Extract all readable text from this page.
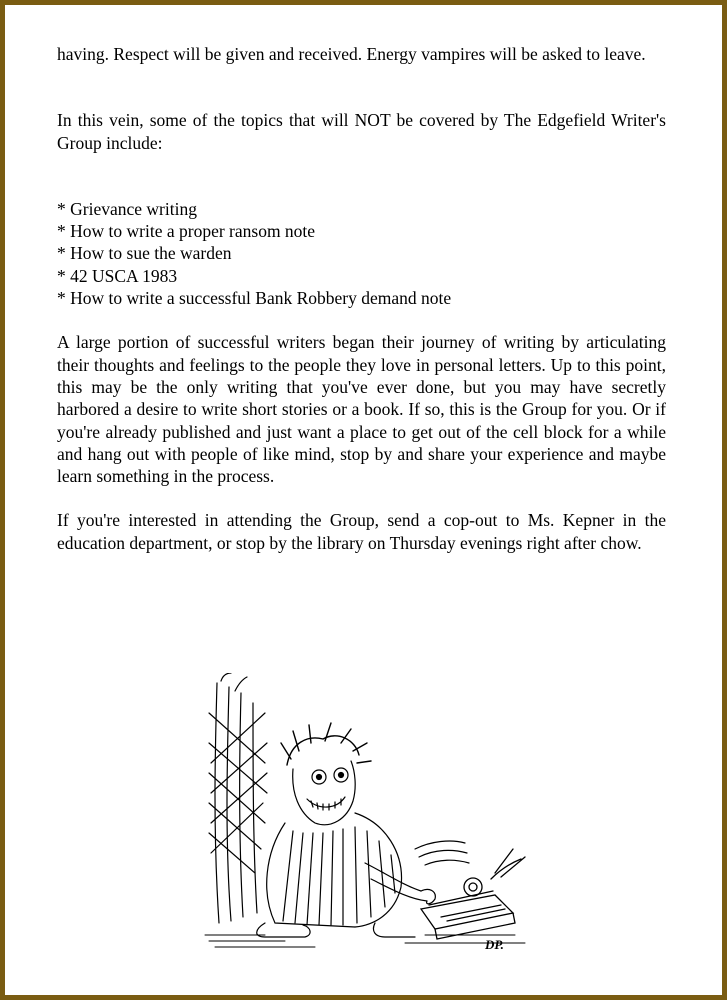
having. Respect will be given and received. Energy vampires will be asked to leave.

In this vein, some of the topics that will NOT be covered by The Edgefield Writer's Group include:

* Grievance writing
* How to write a proper ransom note
* How to sue the warden
* 42 USCA 1983
* How to write a successful Bank Robbery demand note

A large portion of successful writers began their journey of writing by articulating their thoughts and feelings to the people they love in personal letters. Up to this point, this may be the only writing that you've ever done, but you may have secretly harbored a desire to write short stories or a book. If so, this is the Group for you. Or if you're already published and just want a place to get out of the cell block for a while and hang out with people of like mind, stop by and share your experience and maybe learn something in the process.

If you're interested in attending the Group, send a cop-out to Ms. Kepner in the education department, or stop by the library on Thursday evenings right after chow.

DP.
